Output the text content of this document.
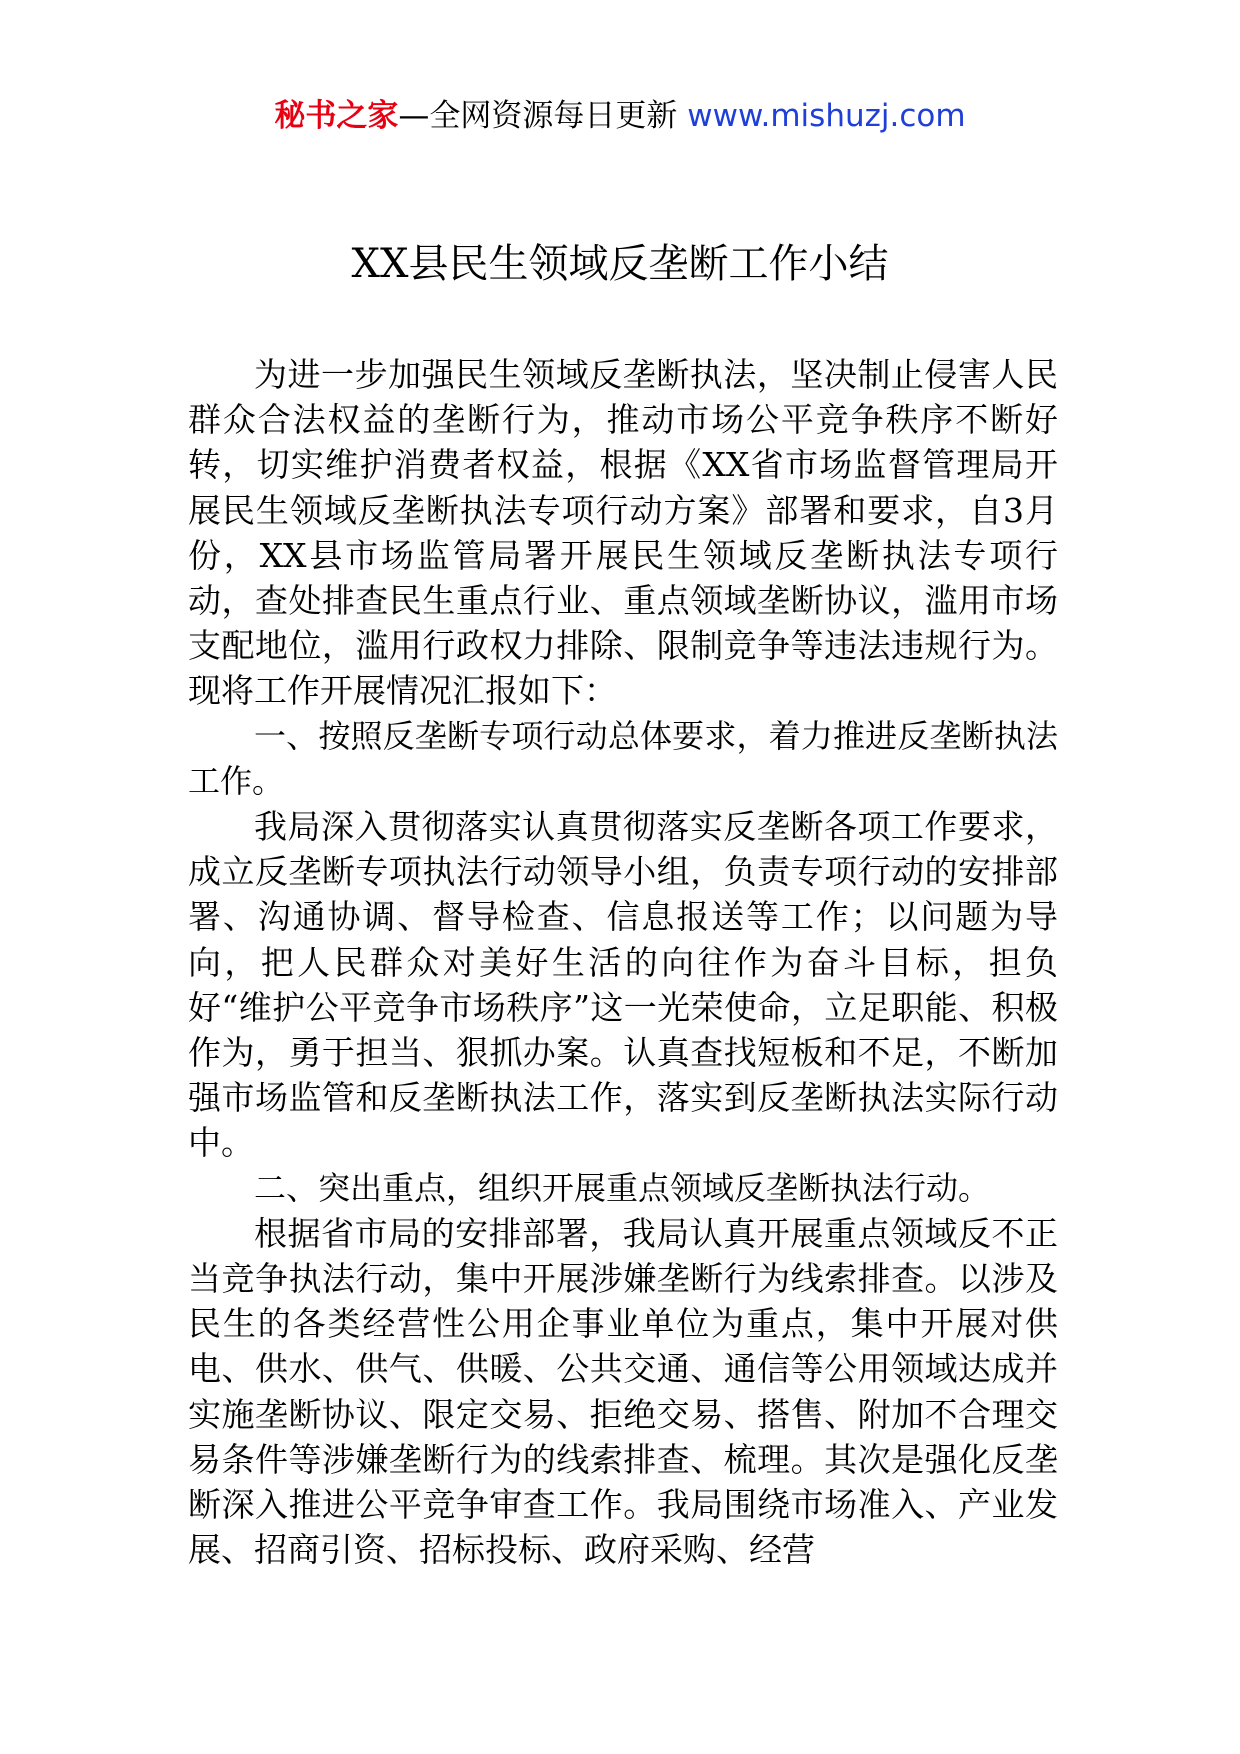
秘书之家—全网资源每日更新 www.mishuzj.com
XX县民生领域反垄断工作小结

为进一步加强民生领域反垄断执法，坚决制止侵害人民群众合法权益的垄断行为，推动市场公平竞争秩序不断好转，切实维护消费者权益，根据《XX省市场监督管理局开展民生领域反垄断执法专项行动方案》部署和要求，自3月份，XX县市场监管局署开展民生领域反垄断执法专项行动，查处排查民生重点行业、重点领域垄断协议，滥用市场支配地位，滥用行政权力排除、限制竞争等违法违规行为。现将工作开展情况汇报如下：

一、按照反垄断专项行动总体要求，着力推进反垄断执法工作。

我局深入贯彻落实认真贯彻落实反垄断各项工作要求，成立反垄断专项执法行动领导小组，负责专项行动的安排部署、沟通协调、督导检查、信息报送等工作；以问题为导向，把人民群众对美好生活的向往作为奋斗目标，担负好“维护公平竞争市场秩序”这一光荣使命，立足职能、积极作为，勇于担当、狠抓办案。认真查找短板和不足，不断加强市场监管和反垄断执法工作，落实到反垄断执法实际行动中。

二、突出重点，组织开展重点领域反垄断执法行动。

根据省市局的安排部署，我局认真开展重点领域反不正当竞争执法行动，集中开展涉嫌垄断行为线索排查。以涉及民生的各类经营性公用企事业单位为重点，集中开展对供电、供水、供气、供暖、公共交通、通信等公用领域达成并实施垄断协议、限定交易、拒绝交易、搭售、附加不合理交易条件等涉嫌垄断行为的线索排查、梳理。其次是强化反垄断深入推进公平竞争审查工作。我局围绕市场准入、产业发展、招商引资、招标投标、政府采购、经营
